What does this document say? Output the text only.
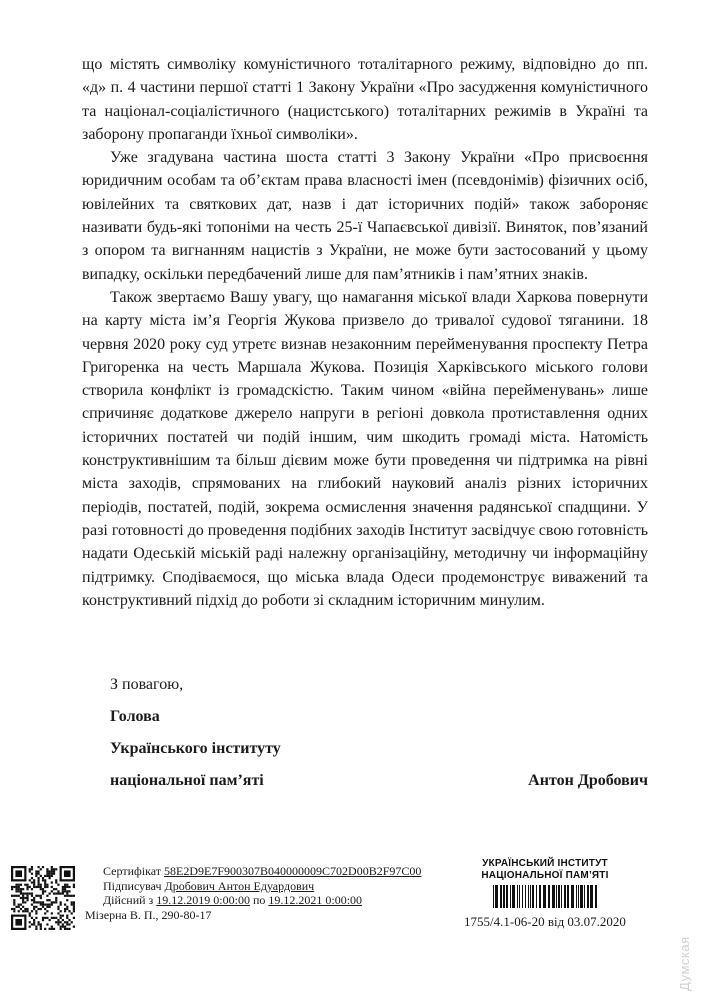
що містять символіку комуністичного тоталітарного режиму, відповідно до пп. «д» п. 4 частини першої статті 1 Закону України «Про засудження комуністичного та націонал-соціалістичного (нацистського) тоталітарних режимів в Україні та заборону пропаганди їхньої символіки».

Уже згадувана частина шоста статті 3 Закону України «Про присвоєння юридичним особам та об’єктам права власності імен (псевдонімів) фізичних осіб, ювілейних та святкових дат, назв і дат історичних подій» також забороняє називати будь-які топоніми на честь 25-ї Чапаєвської дивізії. Виняток, пов’язаний з опором та вигнанням нацистів з України, не може бути застосований у цьому випадку, оскільки передбачений лише для пам’ятників і пам’ятних знаків.

Також звертаємо Вашу увагу, що намагання міської влади Харкова повернути на карту міста ім’я Георгія Жукова призвело до тривалої судової тяганини. 18 червня 2020 року суд утретє визнав незаконним перейменування проспекту Петра Григоренка на честь Маршала Жукова. Позиція Харківського міського голови створила конфлікт із громадскістю. Таким чином «війна перейменувань» лише спричиняє додаткове джерело напруги в регіоні довкола протиставлення одних історичних постатей чи подій іншим, чим шкодить громаді міста. Натомість конструктивнішим та більш дієвим може бути проведення чи підтримка на рівні міста заходів, спрямованих на глибокий науковий аналіз різних історичних періодів, постатей, подій, зокрема осмислення значення радянської спадщини. У разі готовності до проведення подібних заходів Інститут засвідчує свою готовність надати Одеській міській раді належну організаційну, методичну чи інформаційну підтримку. Сподіваємося, що міська влада Одеси продемонструє виважений та конструктивний підхід до роботи зі складним історичним минулим.

З повагою,
Голова
Українського інституту
національної пам’яті	Антон Дробович
Сертифікат 58E2D9E7F900307B040000009C702D00B2F97C00
Підписувач Дробович Антон Едуардович
Дійсний з 19.12.2019 0:00:00 по 19.12.2021 0:00:00
Мізерна В. П., 290-80-17
УКРАЇНСЬКИЙ ІНСТИТУТ
НАЦІОНАЛЬНОЇ ПАМ’ЯТІ
1755/4.1-06-20 від 03.07.2020
Думская
